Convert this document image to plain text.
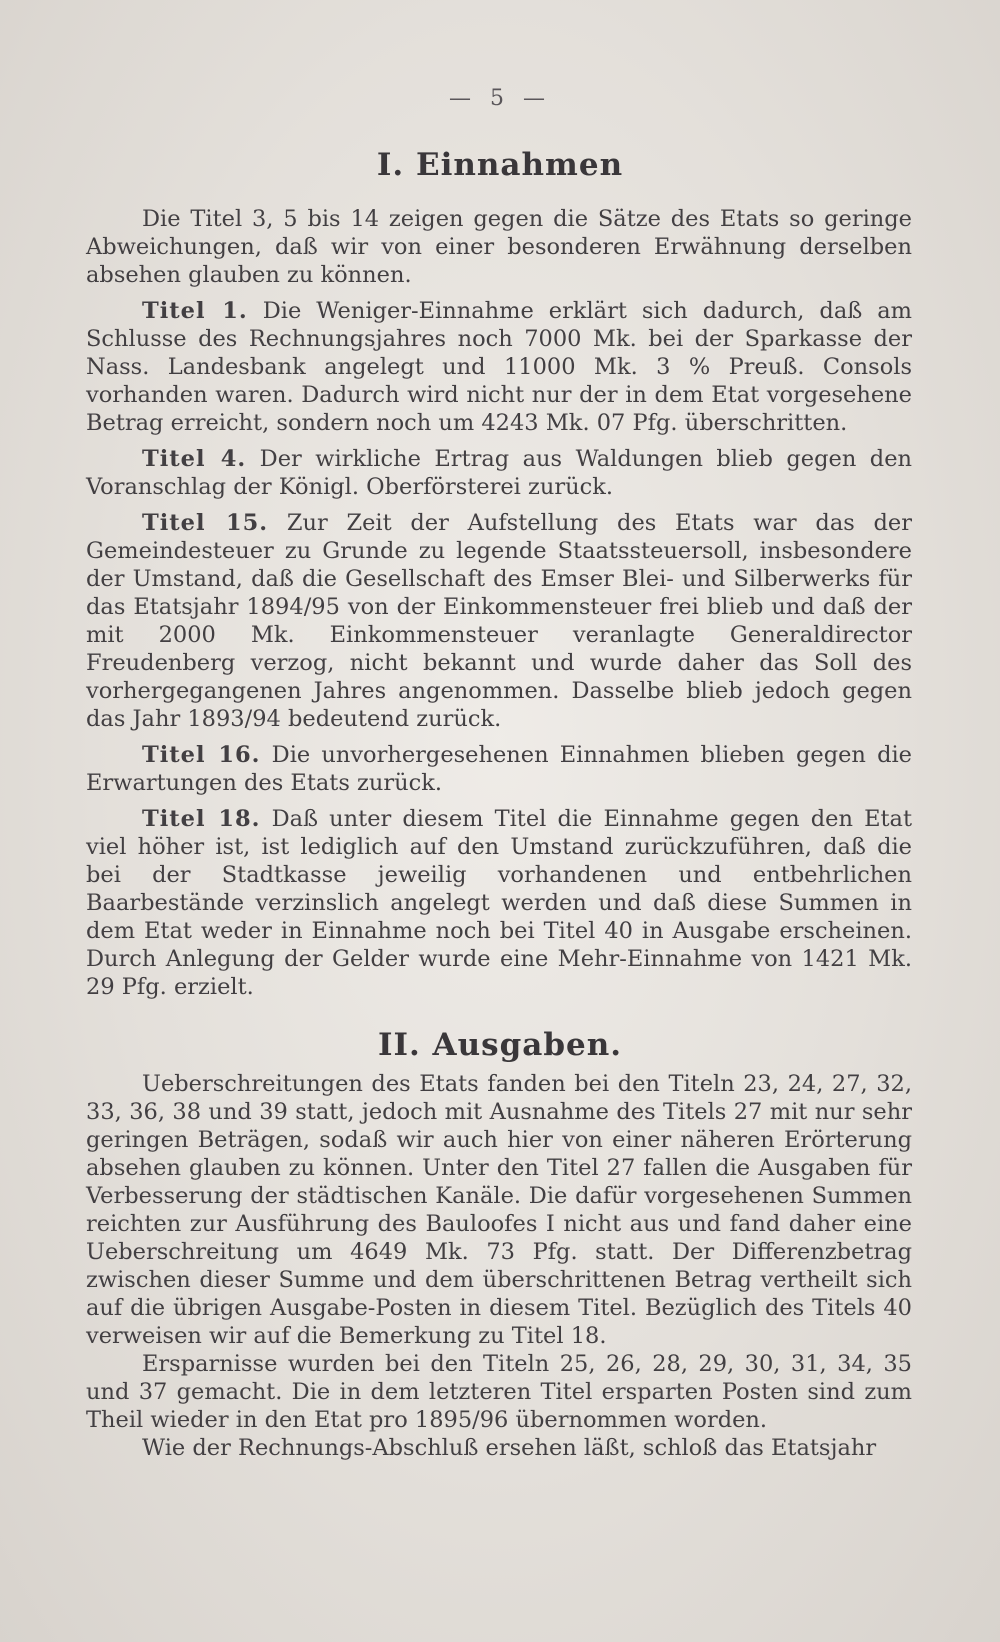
— 5 —
I. Einnahmen

Die Titel 3, 5 bis 14 zeigen gegen die Sätze des Etats so geringe Abweichungen, daß wir von einer besonderen Erwähnung derselben absehen glauben zu können.

Titel 1. Die Weniger-Einnahme erklärt sich dadurch, daß am Schlusse des Rechnungsjahres noch 7000 Mk. bei der Sparkasse der Nass. Landesbank angelegt und 11000 Mk. 3 % Preuß. Consols vorhanden waren. Dadurch wird nicht nur der in dem Etat vorgesehene Betrag erreicht, sondern noch um 4243 Mk. 07 Pfg. überschritten.

Titel 4. Der wirkliche Ertrag aus Waldungen blieb gegen den Voranschlag der Königl. Oberförsterei zurück.

Titel 15. Zur Zeit der Aufstellung des Etats war das der Gemeindesteuer zu Grunde zu legende Staatssteuersoll, insbesondere der Umstand, daß die Gesellschaft des Emser Blei- und Silberwerks für das Etatsjahr 1894/95 von der Einkommensteuer frei blieb und daß der mit 2000 Mk. Einkommensteuer veranlagte Generaldirector Freudenberg verzog, nicht bekannt und wurde daher das Soll des vorhergegangenen Jahres angenommen. Dasselbe blieb jedoch gegen das Jahr 1893/94 bedeutend zurück.

Titel 16. Die unvorhergesehenen Einnahmen blieben gegen die Erwartungen des Etats zurück.

Titel 18. Daß unter diesem Titel die Einnahme gegen den Etat viel höher ist, ist lediglich auf den Umstand zurückzuführen, daß die bei der Stadtkasse jeweilig vorhandenen und entbehrlichen Baarbestände verzinslich angelegt werden und daß diese Summen in dem Etat weder in Einnahme noch bei Titel 40 in Ausgabe erscheinen. Durch Anlegung der Gelder wurde eine Mehr-Einnahme von 1421 Mk. 29 Pfg. erzielt.

II. Ausgaben.

Ueberschreitungen des Etats fanden bei den Titeln 23, 24, 27, 32, 33, 36, 38 und 39 statt, jedoch mit Ausnahme des Titels 27 mit nur sehr geringen Beträgen, sodaß wir auch hier von einer näheren Erörterung absehen glauben zu können. Unter den Titel 27 fallen die Ausgaben für Verbesserung der städtischen Kanäle. Die dafür vorgesehenen Summen reichten zur Ausführung des Bauloofes I nicht aus und fand daher eine Ueberschreitung um 4649 Mk. 73 Pfg. statt. Der Differenzbetrag zwischen dieser Summe und dem überschrittenen Betrag vertheilt sich auf die übrigen Ausgabe-Posten in diesem Titel. Bezüglich des Titels 40 verweisen wir auf die Bemerkung zu Titel 18.

Ersparnisse wurden bei den Titeln 25, 26, 28, 29, 30, 31, 34, 35 und 37 gemacht. Die in dem letzteren Titel ersparten Posten sind zum Theil wieder in den Etat pro 1895/96 übernommen worden.

Wie der Rechnungs-Abschluß ersehen läßt, schloß das Etatsjahr
